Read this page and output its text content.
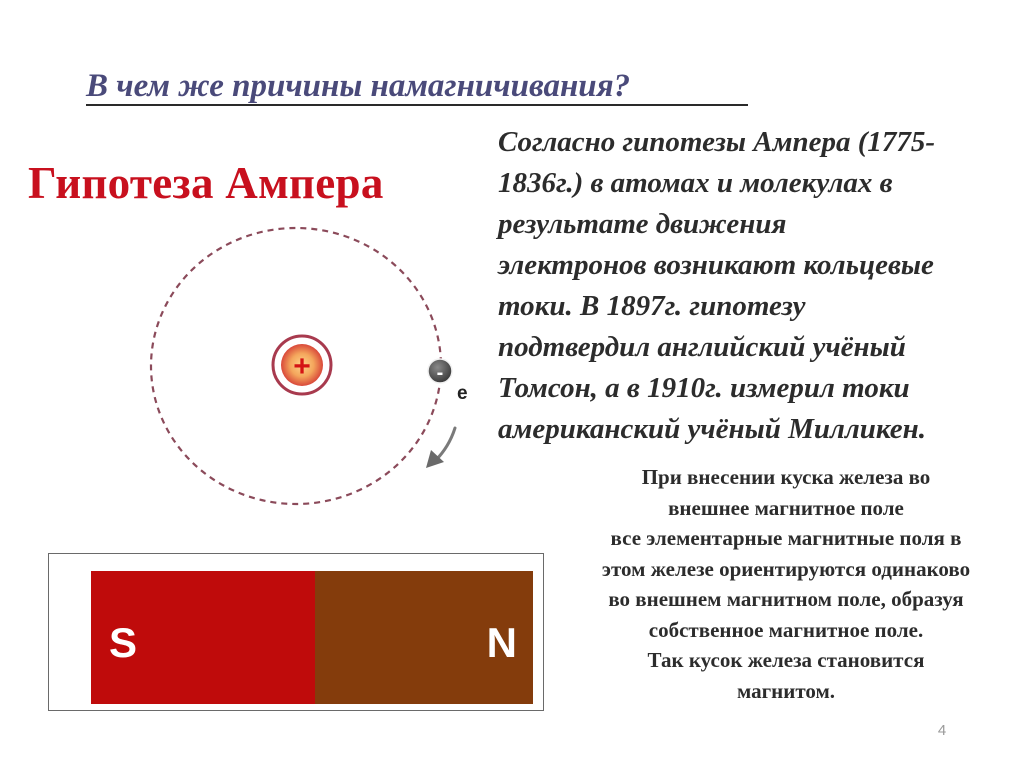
В чем же причины намагничивания?
Гипотеза Ампера
+	-
e

Согласно гипотезы Ампера (1775-
1836г.) в атомах и молекулах в
результате движения
электронов возникают кольцевые
токи. В 1897г. гипотезу
подтвердил английский учёный
Томсон, а в 1910г. измерил токи
американский учёный Милликен.

При внесении куска железа во
внешнее магнитное поле
все элементарные магнитные поля в
этом железе ориентируются одинаково
во внешнем магнитном поле, образуя
собственное магнитное поле.
Так кусок железа становится
магнитом.
S	N
4
